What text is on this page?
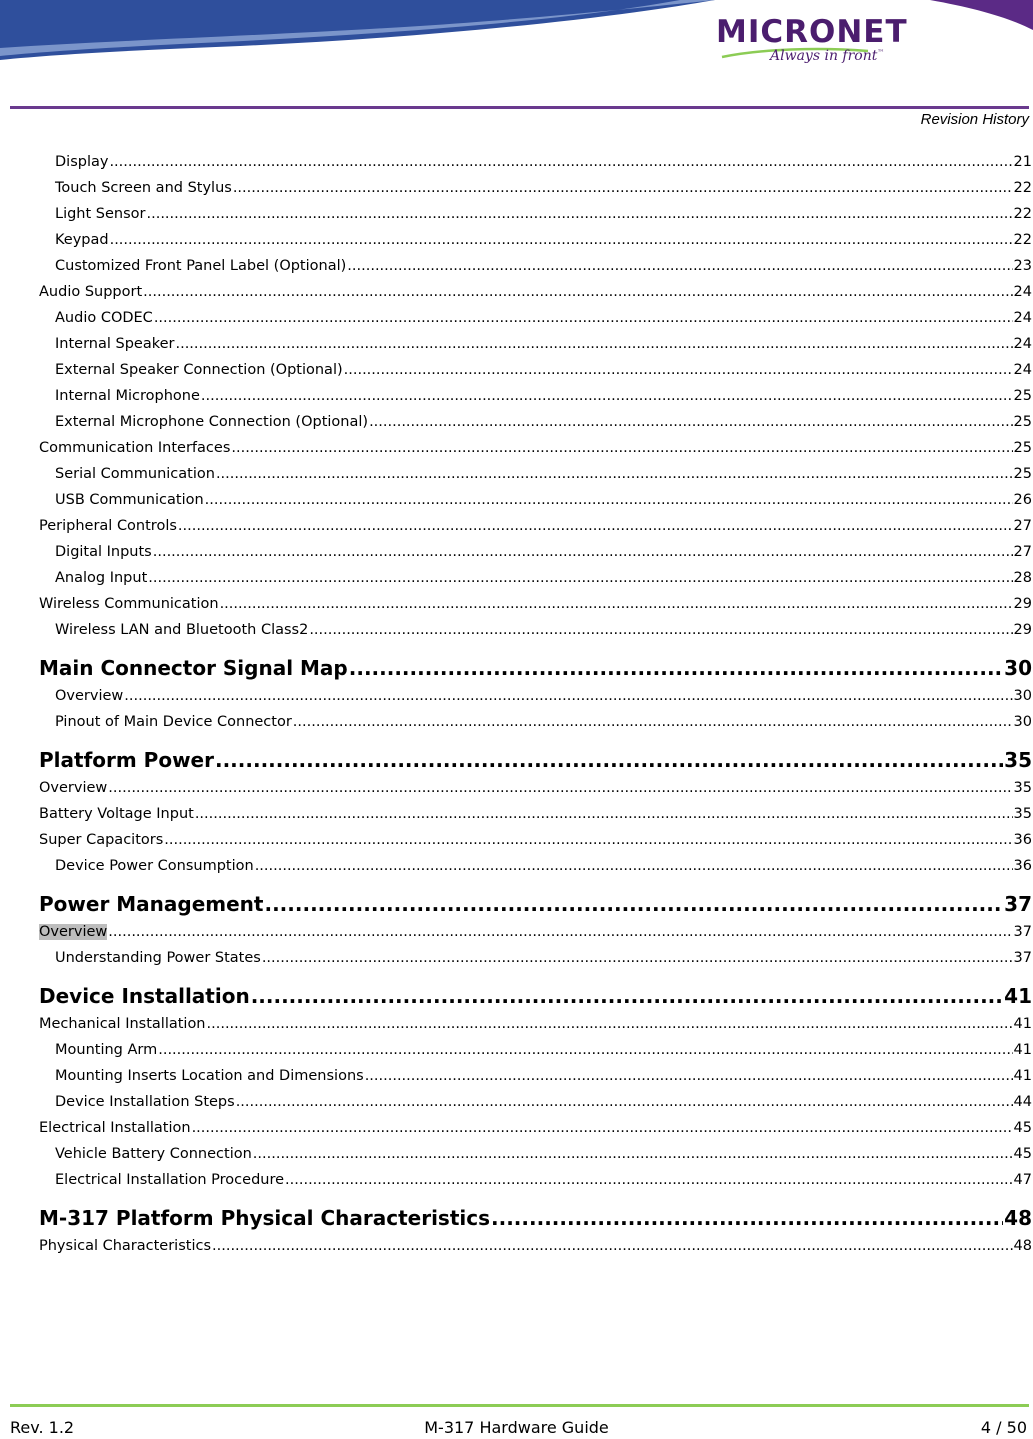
MICRONET
Always in front™
Revision History
Display .....	21
Touch Screen and Stylus .....	22
Light Sensor .....	22
Keypad .....	22
Customized Front Panel Label (Optional) .....	23
Audio Support .....	24
Audio CODEC .....	24
Internal Speaker .....	24
External Speaker Connection (Optional) .....	24
Internal Microphone .....	25
External Microphone Connection (Optional) .....	25
Communication Interfaces .....	25
Serial Communication .....	25
USB Communication .....	26
Peripheral Controls .....	27
Digital Inputs .....	27
Analog Input .....	28
Wireless Communication .....	29
Wireless LAN and Bluetooth Class2 .....	29
Main Connector Signal Map .....	30
Overview .....	30
Pinout of Main Device Connector .....	30
Platform Power .....	35
Overview .....	35
Battery Voltage Input .....	35
Super Capacitors .....	36
Device Power Consumption .....	36
Power Management .....	37
Overview .....	37
Understanding Power States .....	37
Device Installation .....	41
Mechanical Installation .....	41
Mounting Arm .....	41
Mounting Inserts Location and Dimensions .....	41
Device Installation Steps .....	44
Electrical Installation .....	45
Vehicle Battery Connection .....	45
Electrical Installation Procedure .....	47
M-317 Platform Physical Characteristics .....	48
Physical Characteristics .....	48
Rev. 1.2	M-317 Hardware Guide	4 / 50
